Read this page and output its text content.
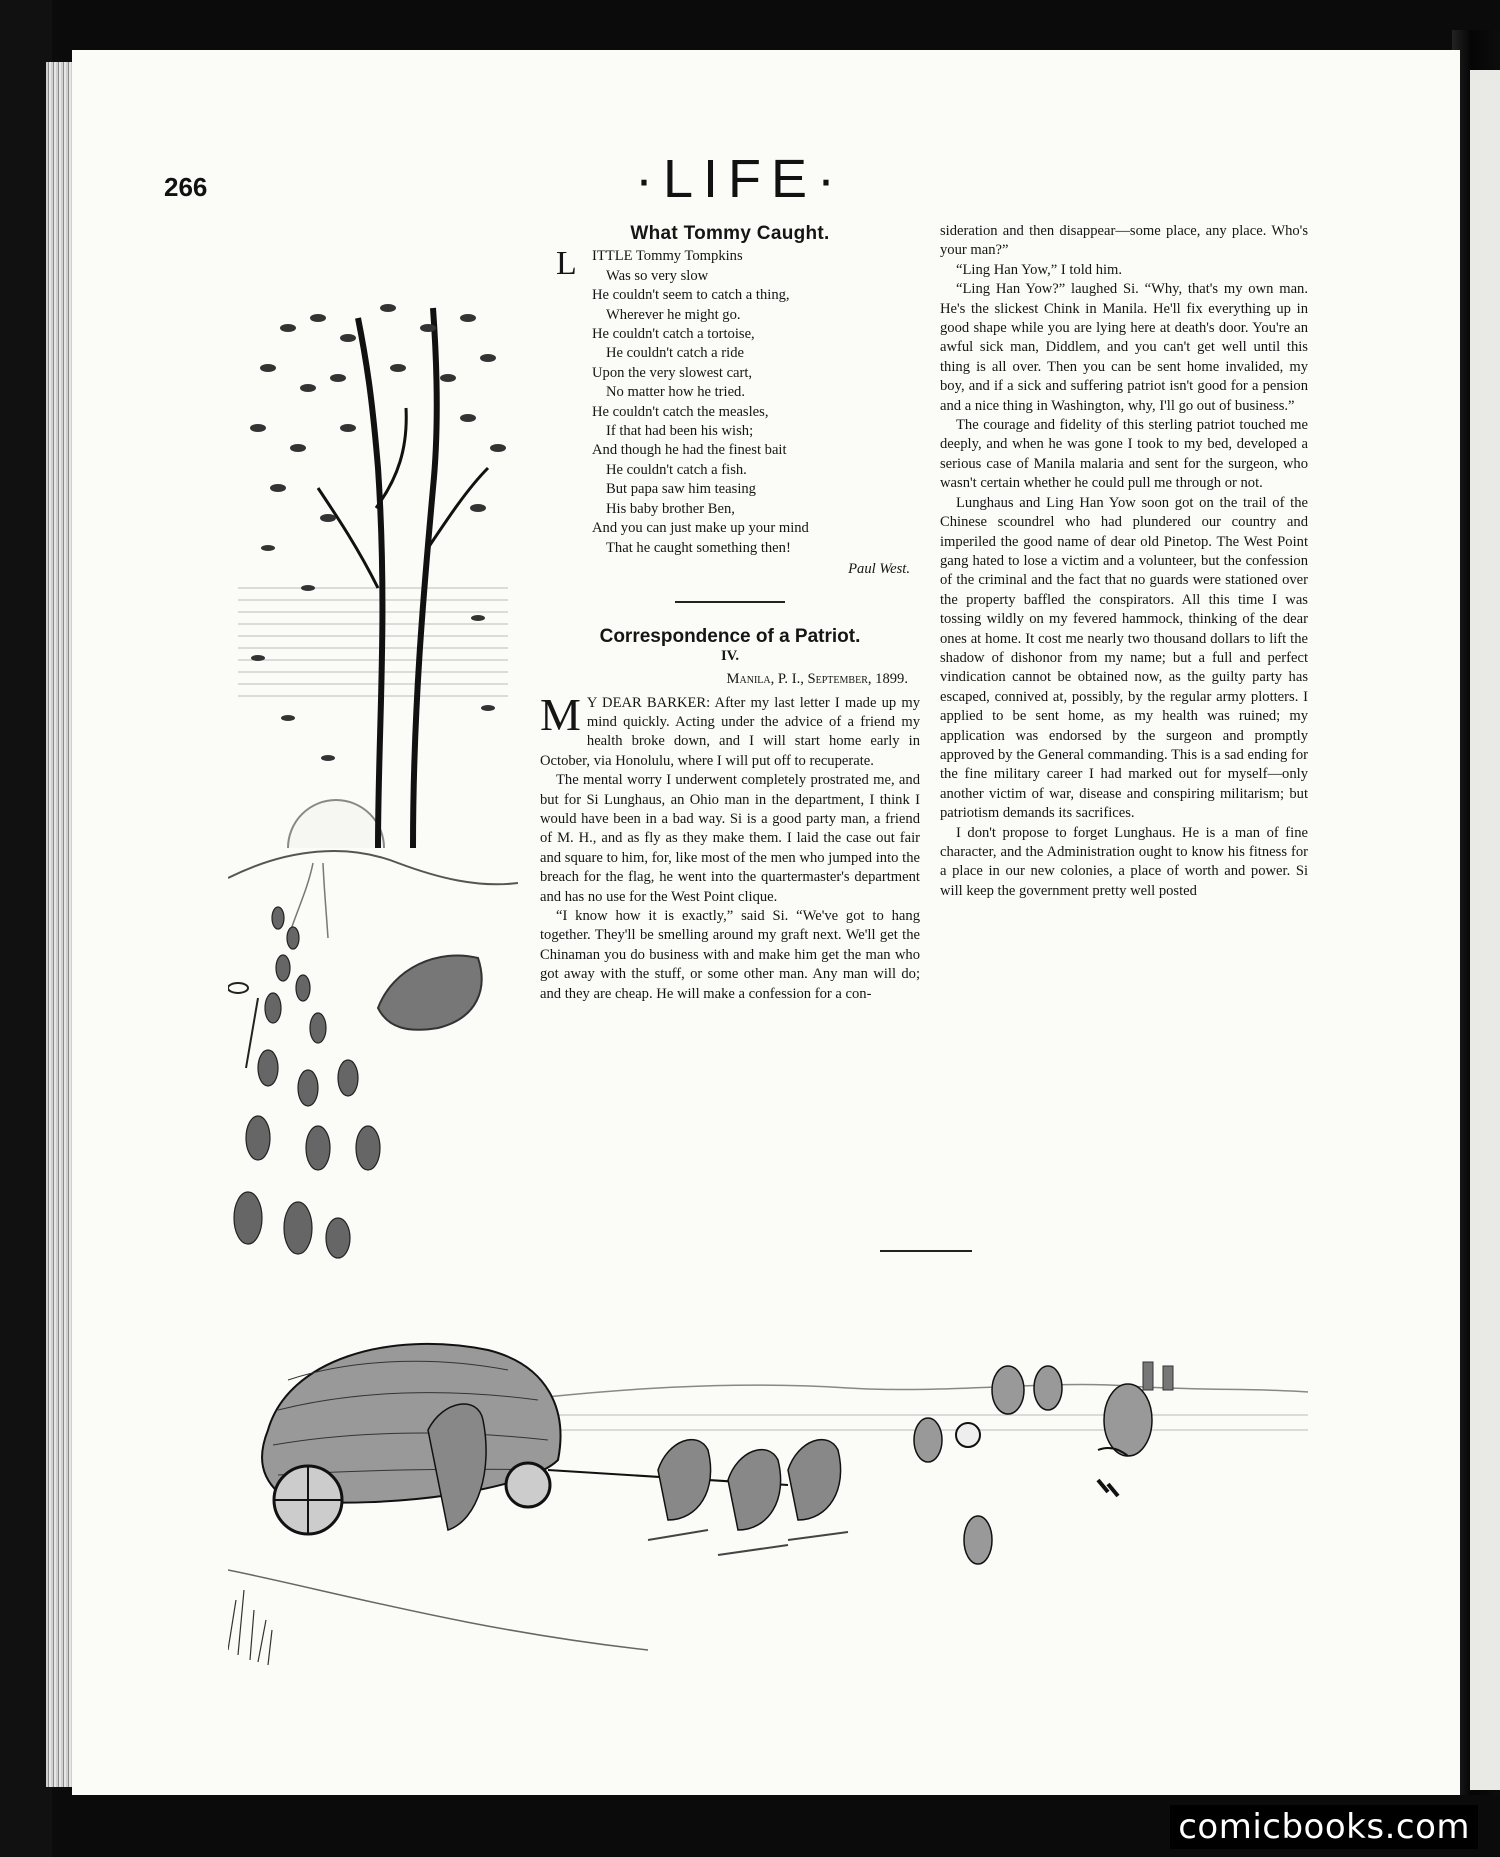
266	·LIFE·
What Tommy Caught.
L ITTLE Tommy Tompkins
Was so very slow
He couldn't seem to catch a thing,
Wherever he might go.
He couldn't catch a tortoise,
He couldn't catch a ride
Upon the very slowest cart,
No matter how he tried.
He couldn't catch the measles,
If that had been his wish;
And though he had the finest bait
He couldn't catch a fish.
But papa saw him teasing
His baby brother Ben,
And you can just make up your mind
That he caught something then!
Paul West.
Correspondence of a Patriot.

IV.

Manila, P. I., September, 1899.

M Y DEAR BARKER: After my last letter I made up my mind quickly. Acting under the advice of a friend my health broke down, and I will start home early in October, via Honolulu, where I will put off to recuperate.

The mental worry I underwent completely prostrated me, and but for Si Lunghaus, an Ohio man in the department, I think I would have been in a bad way. Si is a good party man, a friend of M. H., and as fly as they make them. I laid the case out fair and square to him, for, like most of the men who jumped into the breach for the flag, he went into the quartermaster's department and has no use for the West Point clique.

“I know how it is exactly,” said Si. “We've got to hang together. They'll be smelling around my graft next. We'll get the Chinaman you do business with and make him get the man who got away with the stuff, or some other man. Any man will do; and they are cheap. He will make a confession for a con-

sideration and then disappear—some place, any place. Who's your man?”

“Ling Han Yow,” I told him.

“Ling Han Yow?” laughed Si. “Why, that's my own man. He's the slickest Chink in Manila. He'll fix everything up in good shape while you are lying here at death's door. You're an awful sick man, Diddlem, and you can't get well until this thing is all over. Then you can be sent home invalided, my boy, and if a sick and suffering patriot isn't good for a pension and a nice thing in Washington, why, I'll go out of business.”

The courage and fidelity of this sterling patriot touched me deeply, and when he was gone I took to my bed, developed a serious case of Manila malaria and sent for the surgeon, who wasn't certain whether he could pull me through or not.

Lunghaus and Ling Han Yow soon got on the trail of the Chinese scoundrel who had plundered our country and imperiled the good name of dear old Pinetop. The West Point gang hated to lose a victim and a volunteer, but the confession of the criminal and the fact that no guards were stationed over the property baffled the conspirators. All this time I was tossing wildly on my fevered hammock, thinking of the dear ones at home. It cost me nearly two thousand dollars to lift the shadow of dishonor from my name; but a full and perfect vindication cannot be obtained now, as the guilty party has escaped, connived at, possibly, by the regular army plotters. I applied to be sent home, as my health was ruined; my application was endorsed by the surgeon and promptly approved by the General commanding. This is a sad ending for the fine military career I had marked out for myself—only another victim of war, disease and conspiring militarism; but patriotism demands its sacrifices.

I don't propose to forget Lunghaus. He is a man of fine character, and the Administration ought to know his fitness for a place in our new colonies, a place of worth and power. Si will keep the government pretty well posted

comicbooks.com
